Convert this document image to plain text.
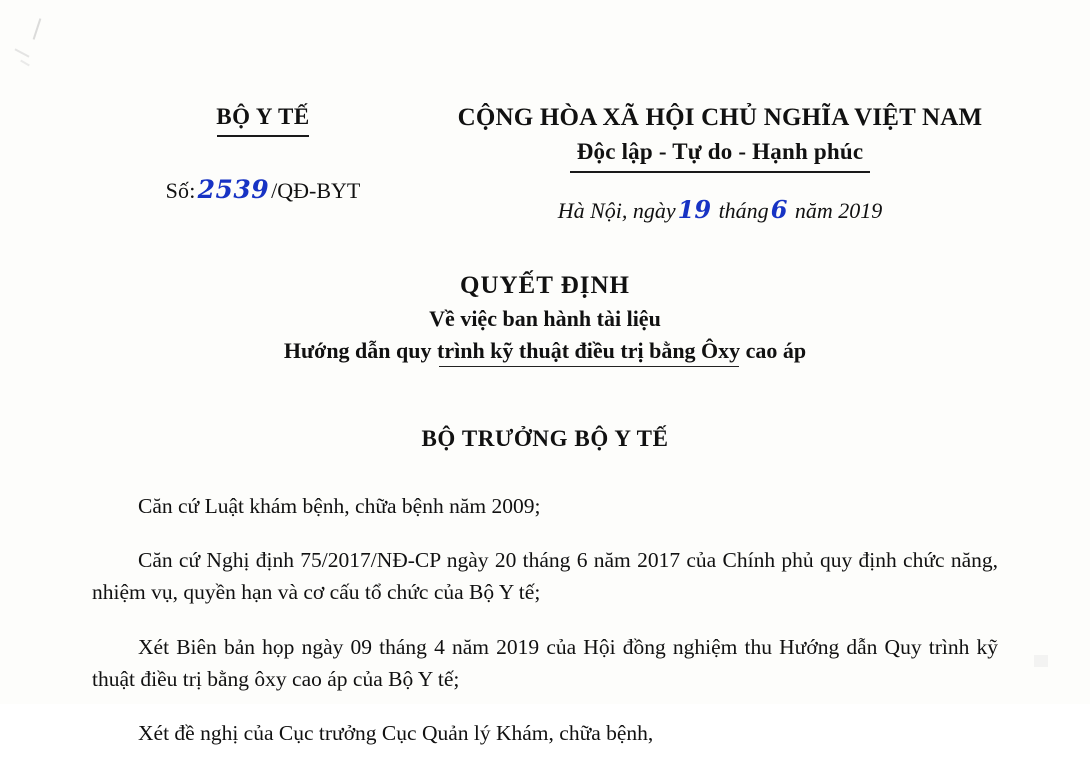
BỘ Y TẾ
Số:2539/QĐ-BYT
CỘNG HÒA XÃ HỘI CHỦ NGHĨA VIỆT NAM
Độc lập - Tự do - Hạnh phúc
Hà Nội, ngày19 tháng6 năm 2019
QUYẾT ĐỊNH
Về việc ban hành tài liệu
Hướng dẫn quy trình kỹ thuật điều trị bằng Ôxy cao áp
BỘ TRƯỞNG BỘ Y TẾ

Căn cứ Luật khám bệnh, chữa bệnh năm 2009;

Căn cứ Nghị định 75/2017/NĐ-CP ngày 20 tháng 6 năm 2017 của Chính phủ quy định chức năng, nhiệm vụ, quyền hạn và cơ cấu tổ chức của Bộ Y tế;

Xét Biên bản họp ngày 09 tháng 4 năm 2019 của Hội đồng nghiệm thu Hướng dẫn Quy trình kỹ thuật điều trị bằng ôxy cao áp của Bộ Y tế;

Xét đề nghị của Cục trưởng Cục Quản lý Khám, chữa bệnh,
